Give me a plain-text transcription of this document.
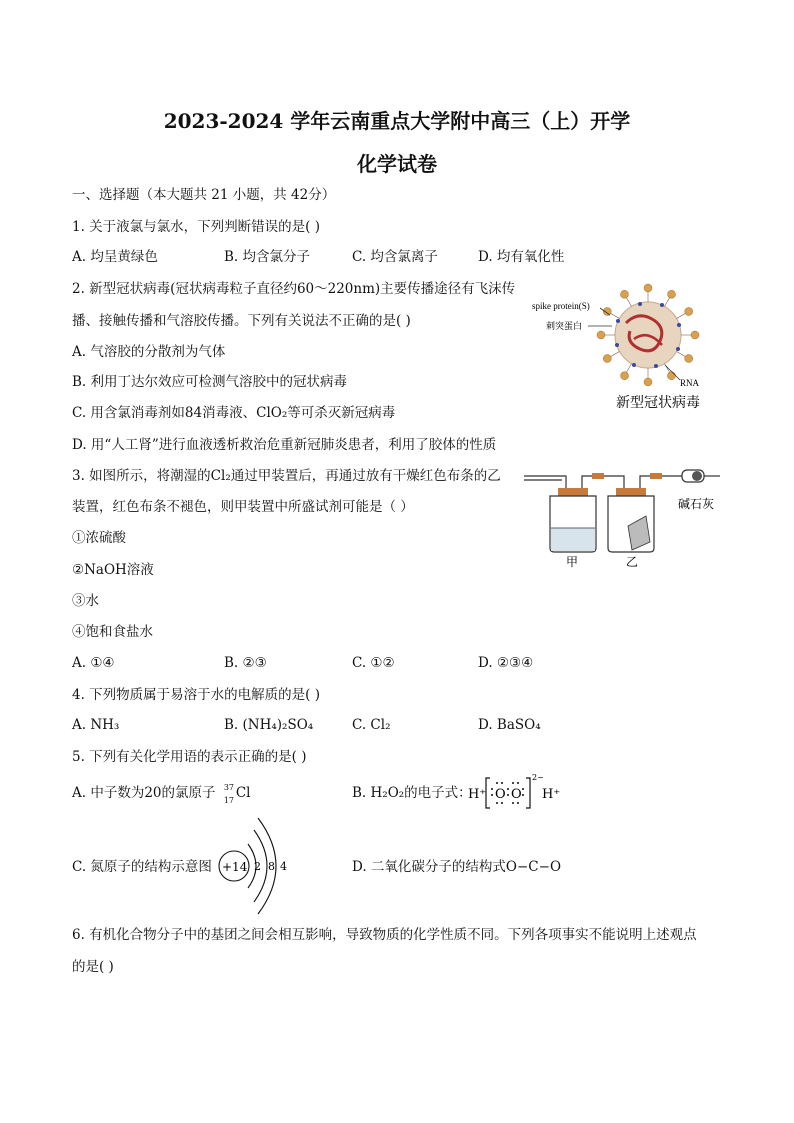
2023-2024 学年云南重点大学附中高三（上）开学
化学试卷
一、选择题（本大题共 21 小题，共 42分）
1. 关于液氯与氯水，下列判断错误的是( )
A. 均呈黄绿色	B. 均含氯分子	C. 均含氯离子	D. 均有氧化性
2. 新型冠状病毒(冠状病毒粒子直径约60～220nm)主要传播途径有飞沫传
播、接触传播和气溶胶传播。下列有关说法不正确的是( )
A. 气溶胶的分散剂为气体
B. 利用丁达尔效应可检测气溶胶中的冠状病毒
C. 用含氯消毒剂如84消毒液、ClO₂等可杀灭新冠病毒
D. 用“人工肾”进行血液透析救治危重新冠肺炎患者，利用了胶体的性质
spike protein(S)
刺突蛋白
RNA
新型冠状病毒
3. 如图所示，将潮湿的Cl₂通过甲装置后，再通过放有干燥红色布条的乙
装置，红色布条不褪色，则甲装置中所盛试剂可能是（ ）
①浓硫酸
②NaOH溶液
③水
④饱和食盐水
A. ①④	B. ②③	C. ①②	D. ②③④
甲	乙
碱石灰
4. 下列物质属于易溶于水的电解质的是( )
A. NH₃	B. (NH₄)₂SO₄	C. Cl₂	D. BaSO₄
5. 下列有关化学用语的表示正确的是( )
A. 中子数为20的氯原子 37
17 Cl	B. H₂O₂的电子式：
H⁺ O O
2−
H⁺
C. 氮原子的结构示意图 +14 2 8 4	D. 二氧化碳分子的结构式O−C−O
6. 有机化合物分子中的基团之间会相互影响，导致物质的化学性质不同。下列各项事实不能说明上述观点
的是( )
